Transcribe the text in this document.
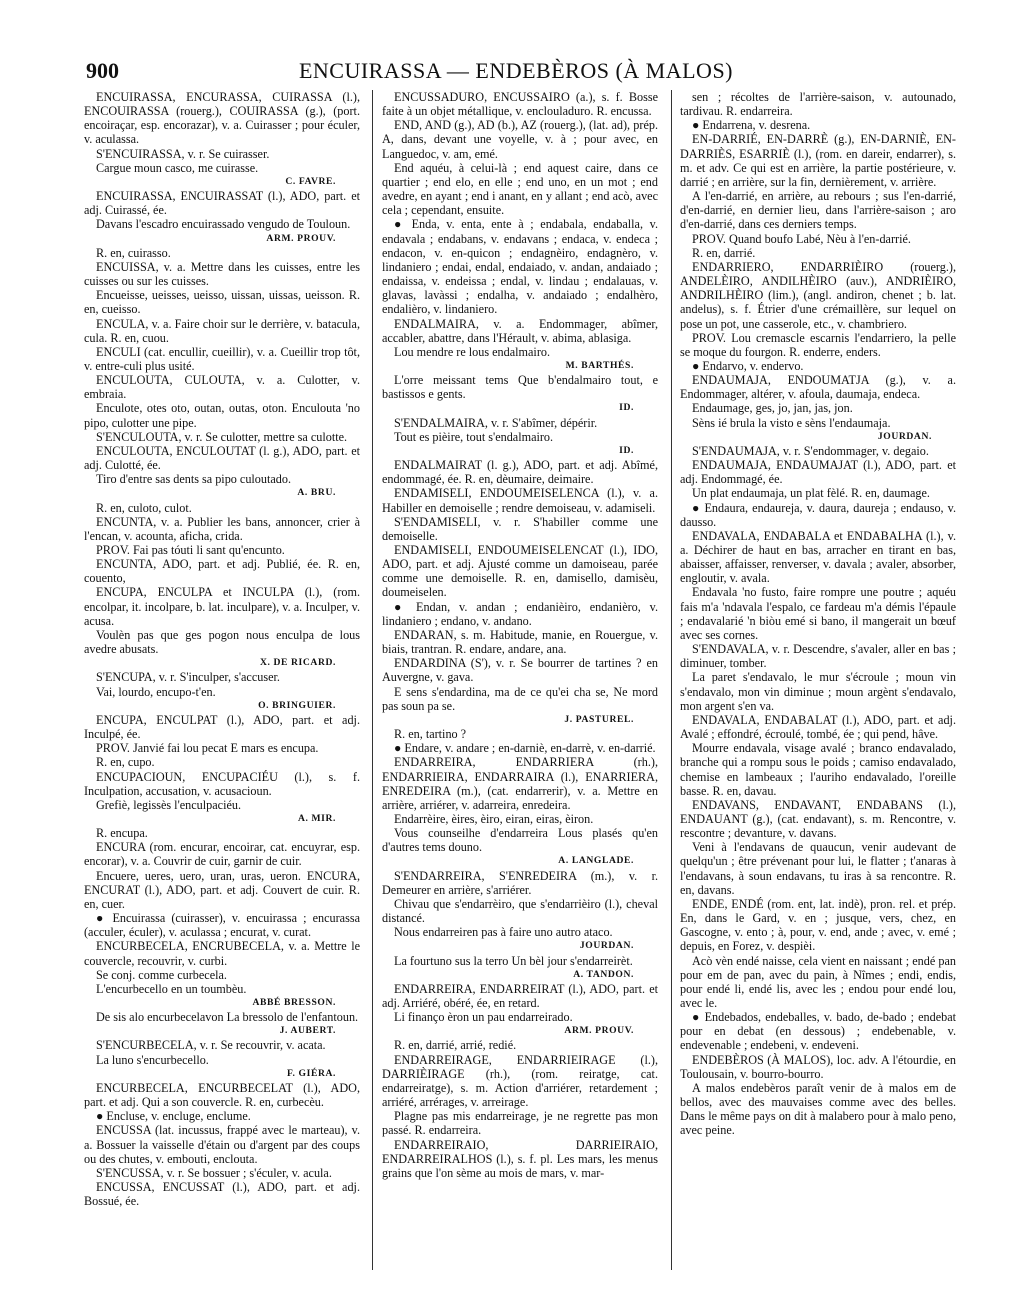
ENCUIRASSA — ENDEBÈROS (À MALOS)
900

ENCUIRASSA, ENCURASSA, CUIRASSA (l.), ENCOUIRASSA (rouerg.), COUIRASSA (g.), (port. encoiraçar, esp. encorazar), v. a. Cuirasser ; pour éculer, v. aculassa.

S'ENCUIRASSA, v. r. Se cuirasser.

Cargue moun casco, me cuirasse.

C. FAVRE.

ENCUIRASSA, ENCUIRASSAT (l.), ADO, part. et adj. Cuirassé, ée.

Davans l'escadro encuirassado vengudo de Touloun.

ARM. PROUV.

R. en, cuirasso.

ENCUISSA, v. a. Mettre dans les cuisses, entre les cuisses ou sur les cuisses.

Encueisse, ueisses, ueisso, uissan, uissas, ueisson. R. en, cueisso.

ENCULA, v. a. Faire choir sur le derrière, v. batacula, cula. R. en, cuou.

ENCULI (cat. encullir, cueillir), v. a. Cueillir trop tôt, v. entre-culi plus usité.

ENCULOUTA, CULOUTA, v. a. Culotter, v. embraia.

Enculote, otes oto, outan, outas, oton. Enculouta 'no pipo, culotter une pipe.

S'ENCULOUTA, v. r. Se culotter, mettre sa culotte.

ENCULOUTA, ENCULOUTAT (l. g.), ADO, part. et adj. Culotté, ée.

Tiro d'entre sas dents sa pipo culoutado.

A. BRU.

R. en, culoto, culot.

ENCUNTA, v. a. Publier les bans, annoncer, crier à l'encan, v. acounta, aficha, crida.

PROV. Fai pas tóuti li sant qu'encunto.

ENCUNTA, ADO, part. et adj. Publié, ée. R. en, couento,

ENCUPA, ENCULPA et INCULPA (l.), (rom. encolpar, it. incolpare, b. lat. inculpare), v. a. Inculper, v. acusa.

Voulèn pas que ges pogon nous enculpa de lous avedre abusats.

X. DE RICARD.

S'ENCUPA, v. r. S'inculper, s'accuser.

Vai, lourdo, encupo-t'en.

O. BRINGUIER.

ENCUPA, ENCULPAT (l.), ADO, part. et adj. Inculpé, ée.

PROV. Janvié fai lou pecat E mars es encupa.

R. en, cupo.

ENCUPACIOUN, ENCUPACIÉU (l.), s. f. Inculpation, accusation, v. acusacioun.

Grefiè, legissès l'enculpaciéu.

A. MIR.

R. encupa.

ENCURA (rom. encurar, encoirar, cat. encuyrar, esp. encorar), v. a. Couvrir de cuir, garnir de cuir.

Encuere, ueres, uero, uran, uras, ueron. ENCURA, ENCURAT (l.), ADO, part. et adj. Couvert de cuir. R. en, cuer.

● Encuirassa (cuirasser), v. encuirassa ; encurassa (acculer, éculer), v. aculassa ; encurat, v. curat.

ENCURBECELA, ENCRUBECELA, v. a. Mettre le couvercle, recouvrir, v. curbi.

Se conj. comme curbecela.

L'encurbecello en un toumbèu.

ABBÉ BRESSON.

De sis alo encurbecelavon La bressolo de l'enfantoun.

J. AUBERT.

S'ENCURBECELA, v. r. Se recouvrir, v. acata.

La luno s'encurbecello.

F. GIÉRA.

ENCURBECELA, ENCURBECELAT (l.), ADO, part. et adj. Qui a son couvercle. R. en, curbecèu.

● Encluse, v. encluge, enclume.

ENCUSSA (lat. incussus, frappé avec le marteau), v. a. Bossuer la vaisselle d'étain ou d'argent par des coups ou des chutes, v. embouti, enclouta.

S'ENCUSSA, v. r. Se bossuer ; s'éculer, v. acula.

ENCUSSA, ENCUSSAT (l.), ADO, part. et adj. Bossué, ée.

ENCUSSADURO, ENCUSSAIRO (a.), s. f. Bosse faite à un objet métallique, v. enclouladuro. R. encussa.

END, AND (g.), AD (b.), AZ (rouerg.), (lat. ad), prép. A, dans, devant une voyelle, v. à ; pour avec, en Languedoc, v. am, emé.

End aquéu, à celui-là ; end aquest caire, dans ce quartier ; end elo, en elle ; end uno, en un mot ; end avedre, en ayant ; end i anant, en y allant ; end acò, avec cela ; cependant, ensuite.

● Enda, v. enta, ente à ; endabala, endaballa, v. endavala ; endabans, v. endavans ; endaca, v. endeca ; endacon, v. en-quicon ; endagnèiro, endagnèro, v. lindaniero ; endai, endal, endaiado, v. andan, andaiado ; endaissa, v. endeissa ; endal, v. lindau ; endalauas, v. glavas, lavàssi ; endalha, v. andaiado ; endalhèro, endalièro, v. lindaniero.

ENDALMAIRA, v. a. Endommager, abîmer, accabler, abattre, dans l'Hérault, v. abima, ablasiga.

Lou mendre re lous endalmairo.

M. BARTHÉS.

L'orre meissant tems Que b'endalmairo tout, e bastissos e gents.

ID.

S'ENDALMAIRA, v. r. S'abîmer, dépérir.

Tout es pièire, tout s'endalmairo.

ID.

ENDALMAIRAT (l. g.), ADO, part. et adj. Abîmé, endommagé, ée. R. en, dèumaire, deimaire.

ENDAMISELI, ENDOUMEISELENCA (l.), v. a. Habiller en demoiselle ; rendre demoiseau, v. adamiseli.

S'ENDAMISELI, v. r. S'habiller comme une demoiselle.

ENDAMISELI, ENDOUMEISELENCAT (l.), IDO, ADO, part. et adj. Ajusté comme un damoiseau, parée comme une demoiselle. R. en, damisello, damisèu, doumeiselen.

● Endan, v. andan ; endanièiro, endanièro, v. lindaniero ; endano, v. andano.

ENDARAN, s. m. Habitude, manie, en Rouergue, v. biais, trantran. R. endare, andare, ana.

ENDARDINA (S'), v. r. Se bourrer de tartines ? en Auvergne, v. gava.

E sens s'endardina, ma de ce qu'ei cha se, Ne mord pas soun pa se.

J. PASTUREL.

R. en, tartino ?

● Endare, v. andare ; en-darniè, en-darrè, v. en-darrié.

ENDARREIRA, ENDARRIERA (rh.), ENDARRIEIRA, ENDARRAIRA (l.), ENARRIERA, ENREDEIRA (m.), (cat. endarrerir), v. a. Mettre en arrière, arriérer, v. adarreira, enredeira.

Endarrèire, èires, èiro, eiran, eiras, èiron.

Vous counseilhe d'endarreira Lous plasés qu'en d'autres tems douno.

A. LANGLADE.

S'ENDARREIRA, S'ENREDEIRA (m.), v. r. Demeurer en arrière, s'arriérer.

Chivau que s'endarrèiro, que s'endarrièiro (l.), cheval distancé.

Nous endarreiren pas à faire uno autro ataco.

JOURDAN.

La fourtuno sus la terro Un bèl jour s'endarreirèt.

A. TANDON.

ENDARREIRA, ENDARREIRAT (l.), ADO, part. et adj. Arriéré, obéré, ée, en retard.

Li finanço èron un pau endarreirado.

ARM. PROUV.

R. en, darrié, arrié, redié.

ENDARREIRAGE, ENDARRIEIRAGE (l.), DARRIÈIRAGE (rh.), (rom. reiratge, cat. endarreiratge), s. m. Action d'arriérer, retardement ; arriéré, arrérages, v. arreirage.

Plagne pas mis endarreirage, je ne regrette pas mon passé. R. endarreira.

ENDARREIRAIO, DARRIEIRAIO, ENDARREIRALHOS (l.), s. f. pl. Les mars, les menus grains que l'on sème au mois de mars, v. mar-

sen ; récoltes de l'arrière-saison, v. autounado, tardivau. R. endarreira.

● Endarrena, v. desrena.

EN-DARRIÉ, EN-DARRÈ (g.), EN-DARNIÈ, EN-DARRIÈS, ESARRIÈ (l.), (rom. en dareir, endarrer), s. m. et adv. Ce qui est en arrière, la partie postérieure, v. darrié ; en arrière, sur la fin, dernièrement, v. arrière.

A l'en-darrié, en arrière, au rebours ; sus l'en-darrié, d'en-darrié, en dernier lieu, dans l'arrière-saison ; aro d'en-darrié, dans ces derniers temps.

PROV. Quand boufo Labé, Nèu à l'en-darrié.

R. en, darrié.

ENDARRIERO, ENDARRIÈIRO (rouerg.), ANDELÈIRO, ANDILHÈIRO (auv.), ANDRIÈIRO, ANDRILHÈIRO (lim.), (angl. andiron, chenet ; b. lat. andelus), s. f. Étrier d'une crémaillère, sur lequel on pose un pot, une casserole, etc., v. chambriero.

PROV. Lou cremascle escarnis l'endarriero, la pelle se moque du fourgon. R. enderre, enders.

● Endarvo, v. endervo.

ENDAUMAJA, ENDOUMATJA (g.), v. a. Endommager, altérer, v. afoula, daumaja, endeca.

Endaumage, ges, jo, jan, jas, jon.

Sèns ié brula la visto e sèns l'endaumaja.

JOURDAN.

S'ENDAUMAJA, v. r. S'endommager, v. degaio.

ENDAUMAJA, ENDAUMAJAT (l.), ADO, part. et adj. Endommagé, ée.

Un plat endaumaja, un plat fèlé. R. en, daumage.

● Endaura, endaureja, v. daura, daureja ; endauso, v. dausso.

ENDAVALA, ENDABALA et ENDABALHA (l.), v. a. Déchirer de haut en bas, arracher en tirant en bas, abaisser, affaisser, renverser, v. davala ; avaler, absorber, engloutir, v. avala.

Endavala 'no fusto, faire rompre une poutre ; aquéu fais m'a 'ndavala l'espalo, ce fardeau m'a démis l'épaule ; endavalarié 'n biòu emé si bano, il mangerait un bœuf avec ses cornes.

S'ENDAVALA, v. r. Descendre, s'avaler, aller en bas ; diminuer, tomber.

La paret s'endavalo, le mur s'écroule ; moun vin s'endavalo, mon vin diminue ; moun argènt s'endavalo, mon argent s'en va.

ENDAVALA, ENDABALAT (l.), ADO, part. et adj. Avalé ; effondré, écroulé, tombé, ée ; qui pend, hâve.

Mourre endavala, visage avalé ; branco endavalado, branche qui a rompu sous le poids ; camiso endavalado, chemise en lambeaux ; l'auriho endavalado, l'oreille basse. R. en, davau.

ENDAVANS, ENDAVANT, ENDABANS (l.), ENDAUANT (g.), (cat. endavant), s. m. Rencontre, v. rescontre ; devanture, v. davans.

Veni à l'endavans de quaucun, venir audevant de quelqu'un ; être prévenant pour lui, le flatter ; t'anaras à l'endavans, à soun endavans, tu iras à sa rencontre. R. en, davans.

ENDE, ENDÉ (rom. ent, lat. indè), pron. rel. et prép. En, dans le Gard, v. en ; jusque, vers, chez, en Gascogne, v. ento ; à, pour, v. end, ande ; avec, v. emé ; depuis, en Forez, v. despièi.

Acò vèn endé naisse, cela vient en naissant ; endé pan pour em de pan, avec du pain, à Nîmes ; endi, endis, pour endé li, endé lis, avec les ; endou pour endé lou, avec le.

● Endebados, endeballes, v. bado, de-bado ; endebat pour en debat (en dessous) ; endebenable, v. endevenable ; endebeni, v. endeveni.

ENDEBÈROS (À MALOS), loc. adv. A l'étourdie, en Toulousain, v. bourro-bourro.

A malos endebèros paraît venir de à malos em de bellos, avec des mauvaises comme avec des belles. Dans le même pays on dit à malabero pour à malo peno, avec peine.
